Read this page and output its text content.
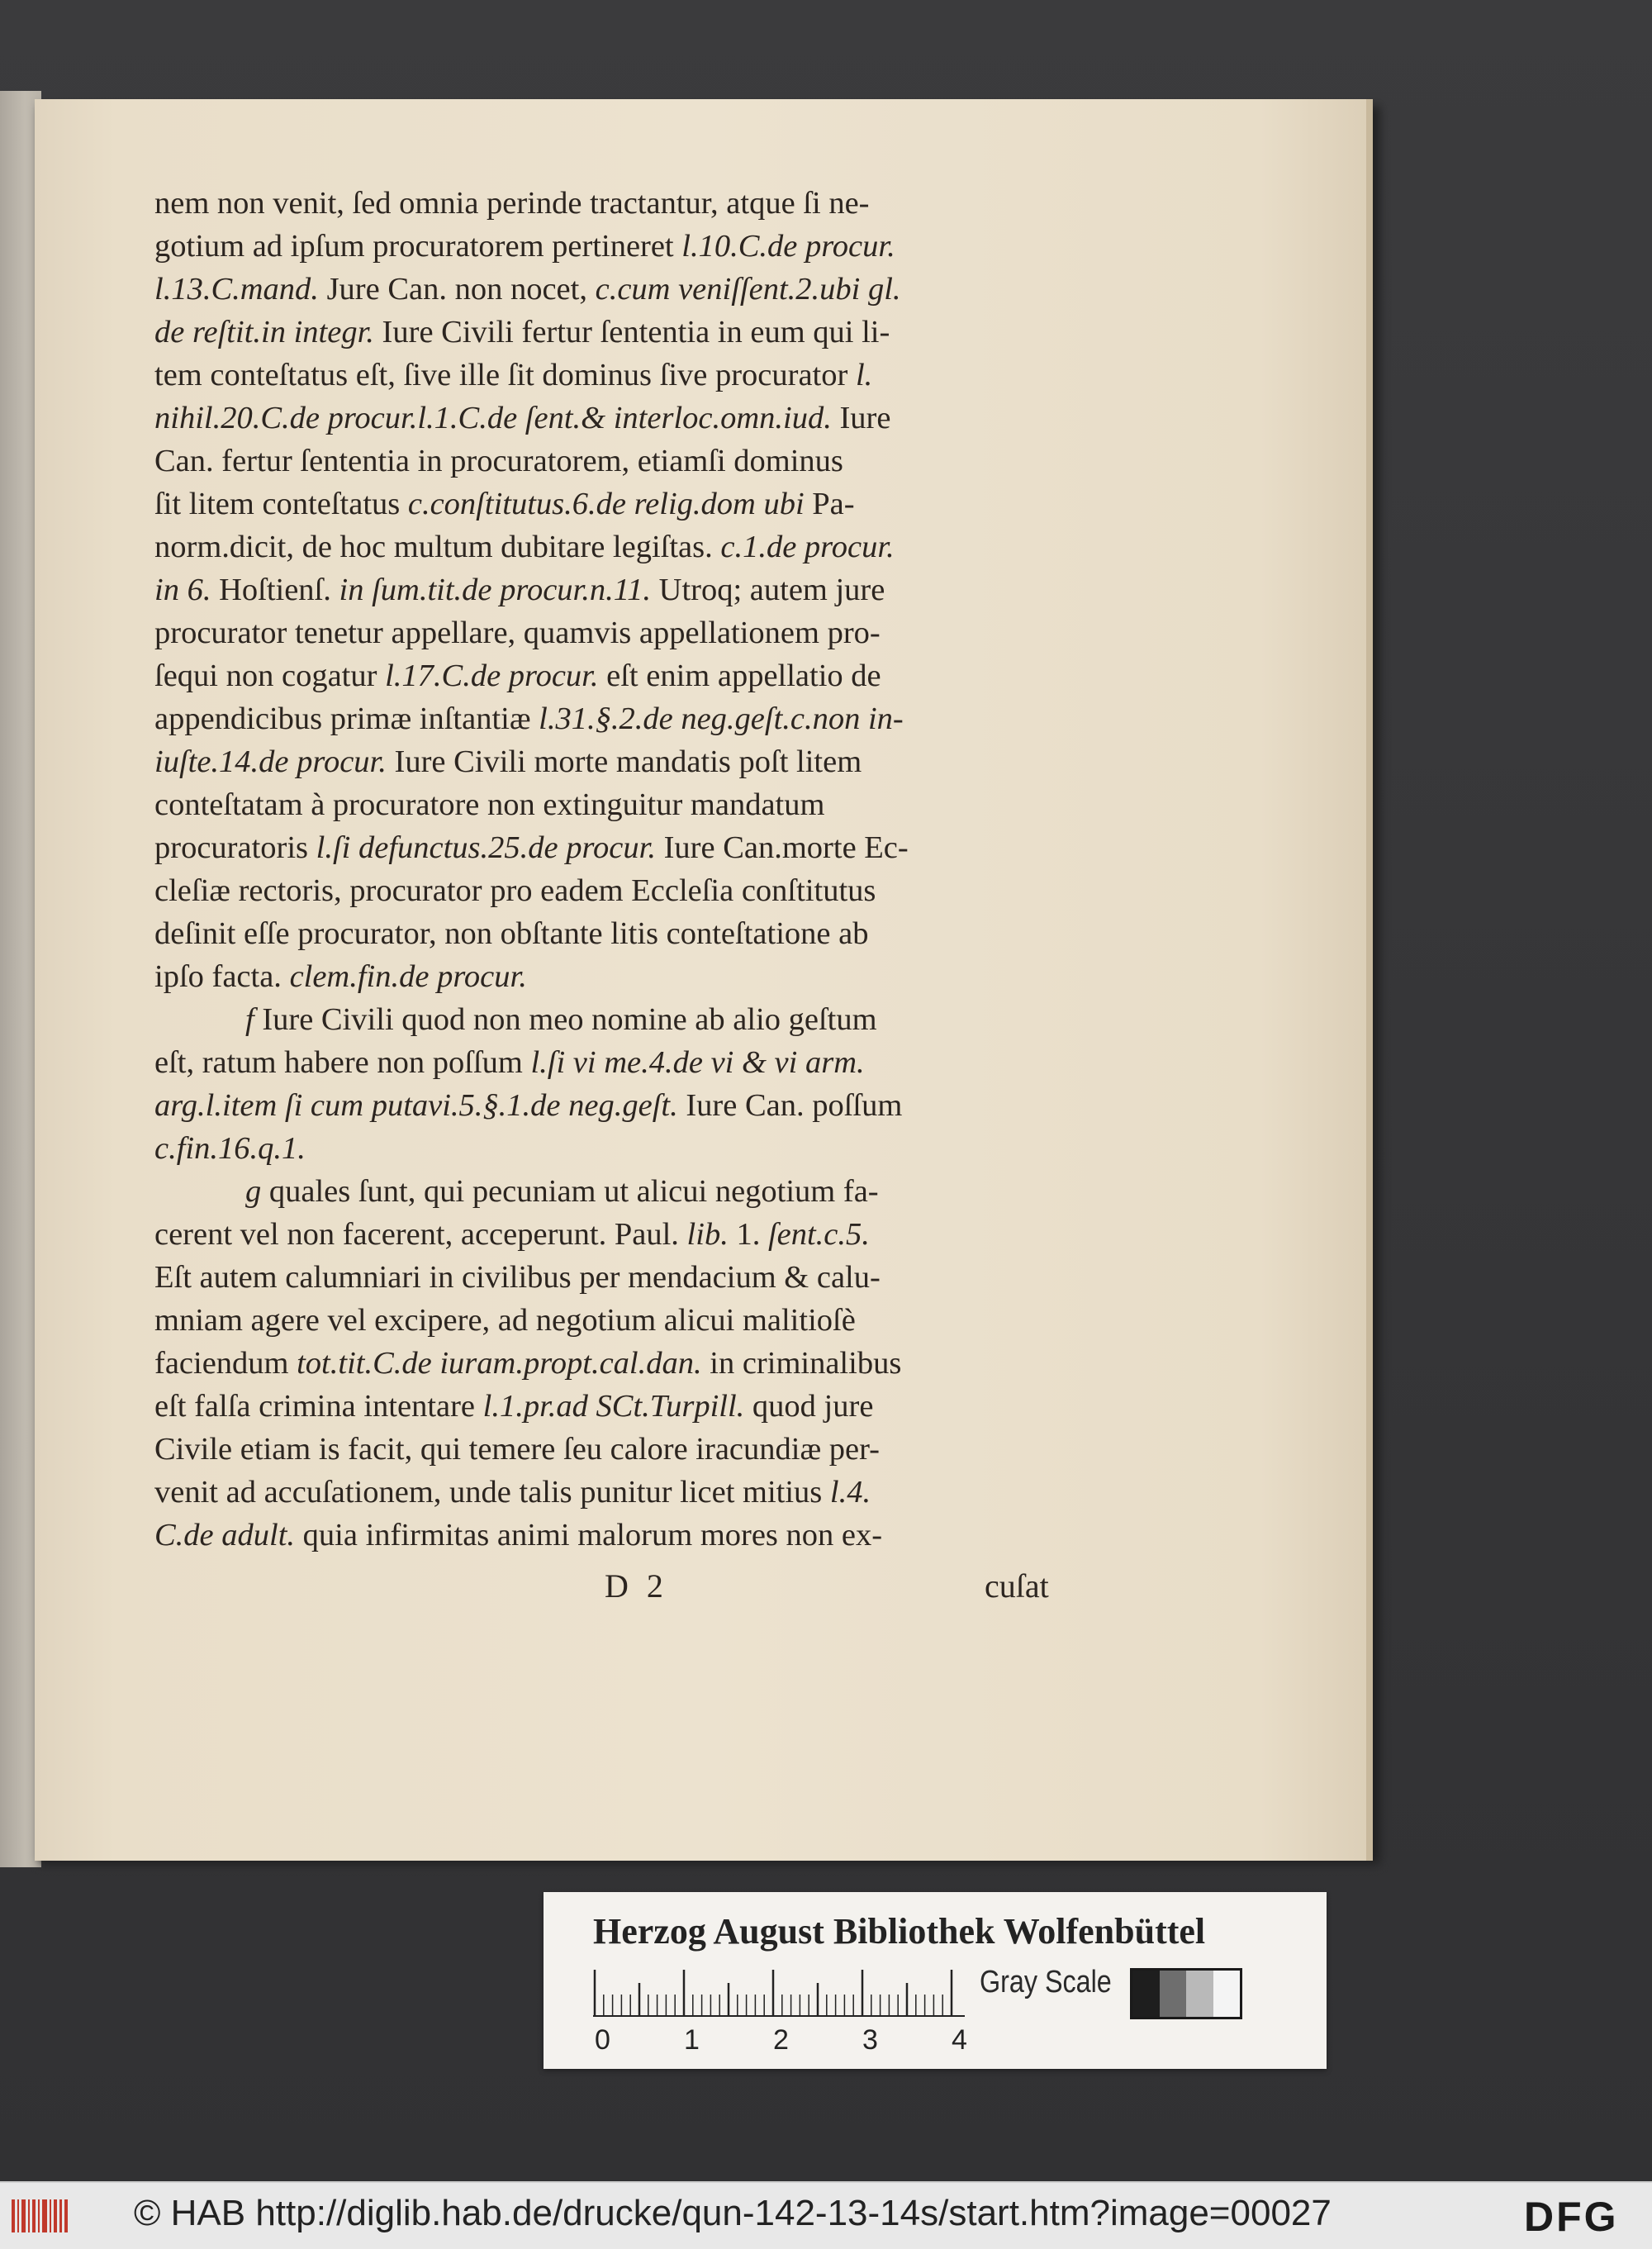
nem non venit, ſed omnia perinde tractantur, atque ſi ne-
gotium ad ipſum procuratorem pertineret l.10.C.de procur.
l.13.C.mand. Jure Can. non nocet, c.cum veniſſent.2.ubi gl.
de reſtit.in integr. Iure Civili fertur ſententia in eum qui li-
tem conteſtatus eſt, ſive ille ſit dominus ſive procurator l.
nihil.20.C.de procur.l.1.C.de ſent.& interloc.omn.iud. Iure
Can. fertur ſententia in procuratorem, etiamſi dominus
ſit litem conteſtatus c.conſtitutus.6.de relig.dom ubi Pa-
norm.dicit, de hoc multum dubitare legiſtas. c.1.de procur.
in 6. Hoſtienſ. in ſum.tit.de procur.n.11. Utroq; autem jure
procurator tenetur appellare, quamvis appellationem pro-
ſequi non cogatur l.17.C.de procur. eſt enim appellatio de
appendicibus primæ inſtantiæ l.31.§.2.de neg.geſt.c.non in-
iuſte.14.de procur. Iure Civili morte mandatis poſt litem
conteſtatam à procuratore non extinguitur mandatum
procuratoris l.ſi defunctus.25.de procur. Iure Can.morte Ec-
cleſiæ rectoris, procurator pro eadem Eccleſia conſtitutus
deſinit eſſe procurator, non obſtante litis conteſtatione ab
ipſo facta. clem.fin.de procur.
f Iure Civili quod non meo nomine ab alio geſtum
eſt, ratum habere non poſſum l.ſi vi me.4.de vi & vi arm.
arg.l.item ſi cum putavi.5.§.1.de neg.geſt. Iure Can. poſſum
c.fin.16.q.1.
g quales ſunt, qui pecuniam ut alicui negotium fa-
cerent vel non facerent, acceperunt. Paul. lib. 1. ſent.c.5.
Eſt autem calumniari in civilibus per mendacium & calu-
mniam agere vel excipere, ad negotium alicui malitioſè
faciendum tot.tit.C.de iuram.propt.cal.dan. in criminalibus
eſt falſa crimina intentare l.1.pr.ad SCt.Turpill. quod jure
Civile etiam is facit, qui temere ſeu calore iracundiæ per-
venit ad accuſationem, unde talis punitur licet mitius l.4.
C.de adult. quia infirmitas animi malorum mores non ex-
D 2	cuſat
Herzog August Bibliothek Wolfenbüttel
0	1	2	3	4
Gray Scale
© HAB http://diglib.hab.de/drucke/qun-142-13-14s/start.htm?image=00027	DFG
